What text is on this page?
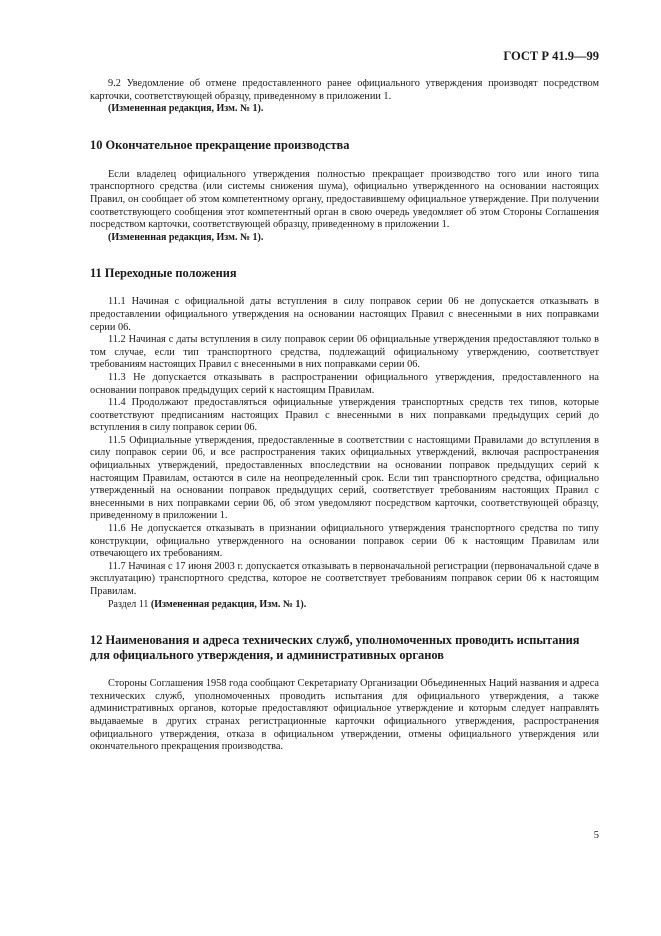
ГОСТ Р 41.9—99

9.2 Уведомление об отмене предоставленного ранее официального утверждения производят посредством карточки, соответствующей образцу, приведенному в приложении 1.

(Измененная редакция, Изм. № 1).

10 Окончательное прекращение производства

Если владелец официального утверждения полностью прекращает производство того или иного типа транспортного средства (или системы снижения шума), официально утвержденного на основании настоящих Правил, он сообщает об этом компетентному органу, предоставившему официальное утверждение. При получении соответствующего сообщения этот компетентный орган в свою очередь уведомляет об этом Стороны Соглашения посредством карточки, соответствующей образцу, приведенному в приложении 1.

(Измененная редакция, Изм. № 1).

11 Переходные положения

11.1 Начиная с официальной даты вступления в силу поправок серии 06 не допускается отказывать в предоставлении официального утверждения на основании настоящих Правил с внесенными в них поправками серии 06.

11.2 Начиная с даты вступления в силу поправок серии 06 официальные утверждения предоставляют только в том случае, если тип транспортного средства, подлежащий официальному утверждению, соответствует требованиям настоящих Правил с внесенными в них поправками серии 06.

11.3 Не допускается отказывать в распространении официального утверждения, предоставленного на основании поправок предыдущих серий к настоящим Правилам.

11.4 Продолжают предоставляться официальные утверждения транспортных средств тех типов, которые соответствуют предписаниям настоящих Правил с внесенными в них поправками предыдущих серий до вступления в силу поправок серии 06.

11.5 Официальные утверждения, предоставленные в соответствии с настоящими Правилами до вступления в силу поправок серии 06, и все распространения таких официальных утверждений, включая распространения официальных утверждений, предоставленных впоследствии на основании поправок предыдущих серий к настоящим Правилам, остаются в силе на неопределенный срок. Если тип транспортного средства, официально утвержденный на основании поправок предыдущих серий, соответствует требованиям настоящих Правил с внесенными в них поправками серии 06, об этом уведомляют посредством карточки, соответствующей образцу, приведенному в приложении 1.

11.6 Не допускается отказывать в признании официального утверждения транспортного средства по типу конструкции, официально утвержденного на основании поправок серии 06 к настоящим Правилам или отвечающего их требованиям.

11.7 Начиная с 17 июня 2003 г. допускается отказывать в первоначальной регистрации (первоначальной сдаче в эксплуатацию) транспортного средства, которое не соответствует требованиям поправок серии 06 к настоящим Правилам.

Раздел 11 (Измененная редакция, Изм. № 1).

12 Наименования и адреса технических служб, уполномоченных проводить испытания для официального утверждения, и административных органов

Стороны Соглашения 1958 года сообщают Секретариату Организации Объединенных Наций названия и адреса технических служб, уполномоченных проводить испытания для официального утверждения, а также административных органов, которые предоставляют официальное утверждение и которым следует направлять выдаваемые в других странах регистрационные карточки официального утверждения, распространения официального утверждения, отказа в официальном утверждении, отмены официального утверждения или окончательного прекращения производства.

5
